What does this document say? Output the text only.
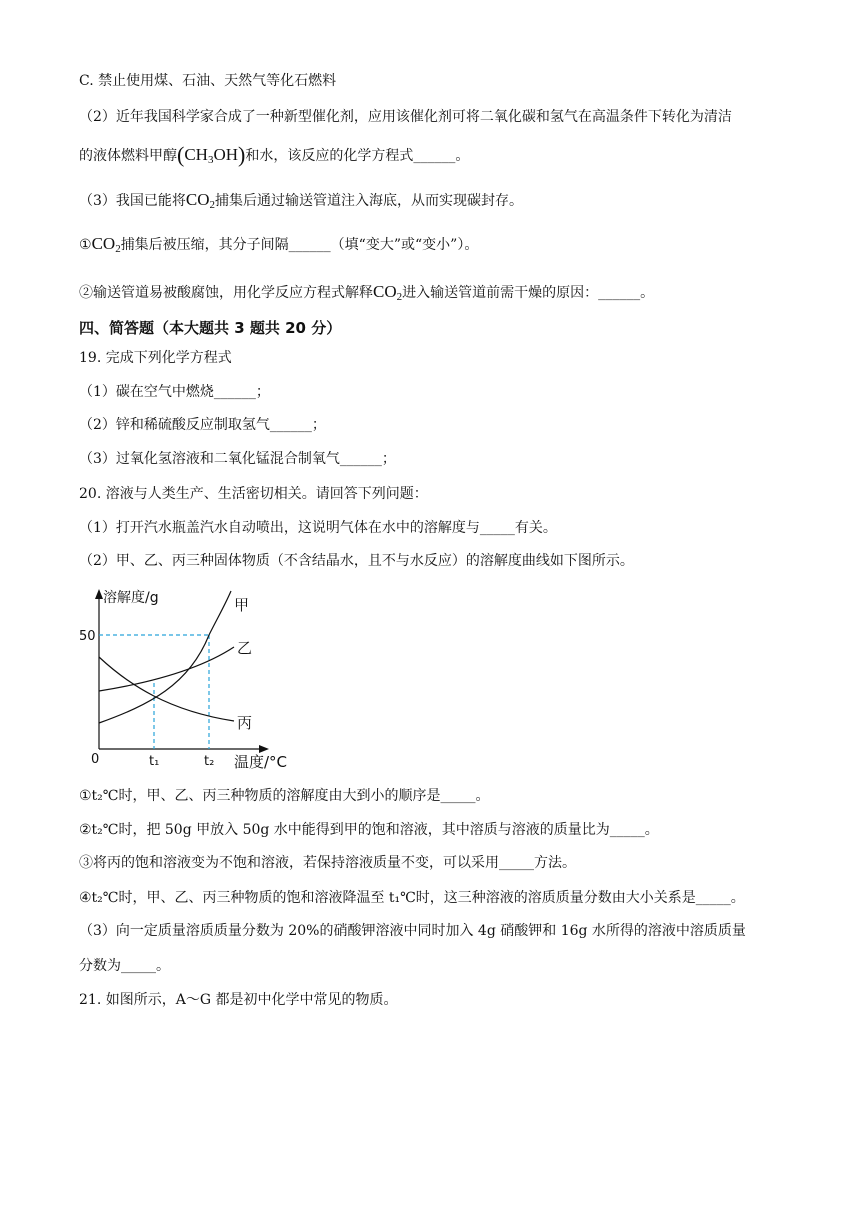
C. 禁止使用煤、石油、天然气等化石燃料
（2）近年我国科学家合成了一种新型催化剂，应用该催化剂可将二氧化碳和氢气在高温条件下转化为清洁
的液体燃料甲醇$(CH_3OH)$和水，该反应的化学方程式______。
（3）我国已能将$CO_2$捕集后通过输送管道注入海底，从而实现碳封存。
$①CO_2$捕集后被压缩，其分子间隔______（填“变大”或“变小”）。
②输送管道易被酸腐蚀，用化学反应方程式解释$CO_2$进入输送管道前需干燥的原因：______。
四、简答题（本大题共 3 题共 20 分）
19. 完成下列化学方程式
（1）碳在空气中燃烧______；
（2）锌和稀硫酸反应制取氢气______；
（3）过氧化氢溶液和二氧化锰混合制氧气______；
20. 溶液与人类生产、生活密切相关。请回答下列问题：
（1）打开汽水瓶盖汽水自动喷出，这说明气体在水中的溶解度与_____有关。
（2）甲、乙、丙三种固体物质（不含结晶水，且不与水反应）的溶解度曲线如下图所示。
溶解度/g
50
0	t₁	t₂ 温度/°C
甲
乙
丙
①t₂℃时，甲、乙、丙三种物质的溶解度由大到小的顺序是_____。
②t₂℃时，把 50g 甲放入 50g 水中能得到甲的饱和溶液，其中溶质与溶液的质量比为_____。
③将丙的饱和溶液变为不饱和溶液，若保持溶液质量不变，可以采用_____方法。
④t₂℃时，甲、乙、丙三种物质的饱和溶液降温至 t₁℃时，这三种溶液的溶质质量分数由大小关系是_____。
（3）向一定质量溶质质量分数为 20%的硝酸钾溶液中同时加入 4g 硝酸钾和 16g 水所得的溶液中溶质质量
分数为_____。
21. 如图所示，A～G 都是初中化学中常见的物质。
